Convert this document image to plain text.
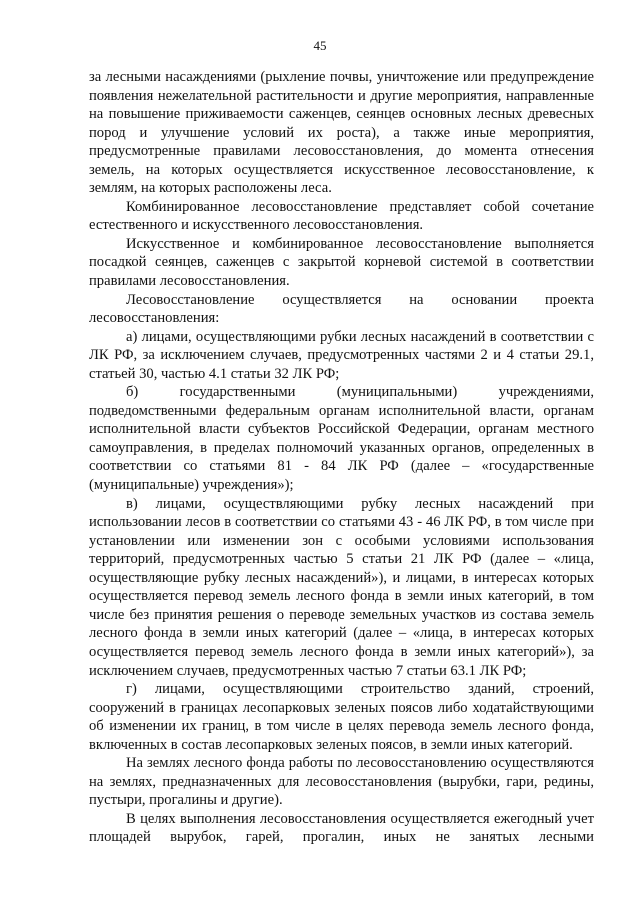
45

за лесными насаждениями (рыхление почвы, уничтожение или предупреждение появления нежелательной растительности и другие мероприятия, направленные на повышение приживаемости саженцев, сеянцев основных лесных древесных пород и улучшение условий их роста), а также иные мероприятия, предусмотренные правилами лесовосстановления, до момента отнесения земель, на которых осуществляется искусственное лесовосстановление, к землям, на которых расположены леса.

Комбинированное лесовосстановление представляет собой сочетание естественного и искусственного лесовосстановления.

Искусственное и комбинированное лесовосстановление выполняется посадкой сеянцев, саженцев с закрытой корневой системой в соответствии правилами лесовосстановления.

Лесовосстановление осуществляется на основании проекта лесовосстановления:

а) лицами, осуществляющими рубки лесных насаждений в соответствии с ЛК РФ, за исключением случаев, предусмотренных частями 2 и 4 статьи 29.1, статьей 30, частью 4.1 статьи 32 ЛК РФ;

б) государственными (муниципальными) учреждениями, подведомственными федеральным органам исполнительной власти, органам исполнительной власти субъектов Российской Федерации, органам местного самоуправления, в пределах полномочий указанных органов, определенных в соответствии со статьями 81 - 84 ЛК РФ (далее – «государственные (муниципальные) учреждения»);

в) лицами, осуществляющими рубку лесных насаждений при использовании лесов в соответствии со статьями 43 - 46 ЛК РФ, в том числе при установлении или изменении зон с особыми условиями использования территорий, предусмотренных частью 5 статьи 21 ЛК РФ (далее – «лица, осуществляющие рубку лесных насаждений»), и лицами, в интересах которых осуществляется перевод земель лесного фонда в земли иных категорий, в том числе без принятия решения о переводе земельных участков из состава земель лесного фонда в земли иных категорий (далее – «лица, в интересах которых осуществляется перевод земель лесного фонда в земли иных категорий»), за исключением случаев, предусмотренных частью 7 статьи 63.1 ЛК РФ;

г) лицами, осуществляющими строительство зданий, строений, сооружений в границах лесопарковых зеленых поясов либо ходатайствующими об изменении их границ, в том числе в целях перевода земель лесного фонда, включенных в состав лесопарковых зеленых поясов, в земли иных категорий.

На землях лесного фонда работы по лесовосстановлению осуществляются на землях, предназначенных для лесовосстановления (вырубки, гари, редины, пустыри, прогалины и другие).

В целях выполнения лесовосстановления осуществляется ежегодный учет площадей вырубок, гарей, прогалин, иных не занятых лесными
